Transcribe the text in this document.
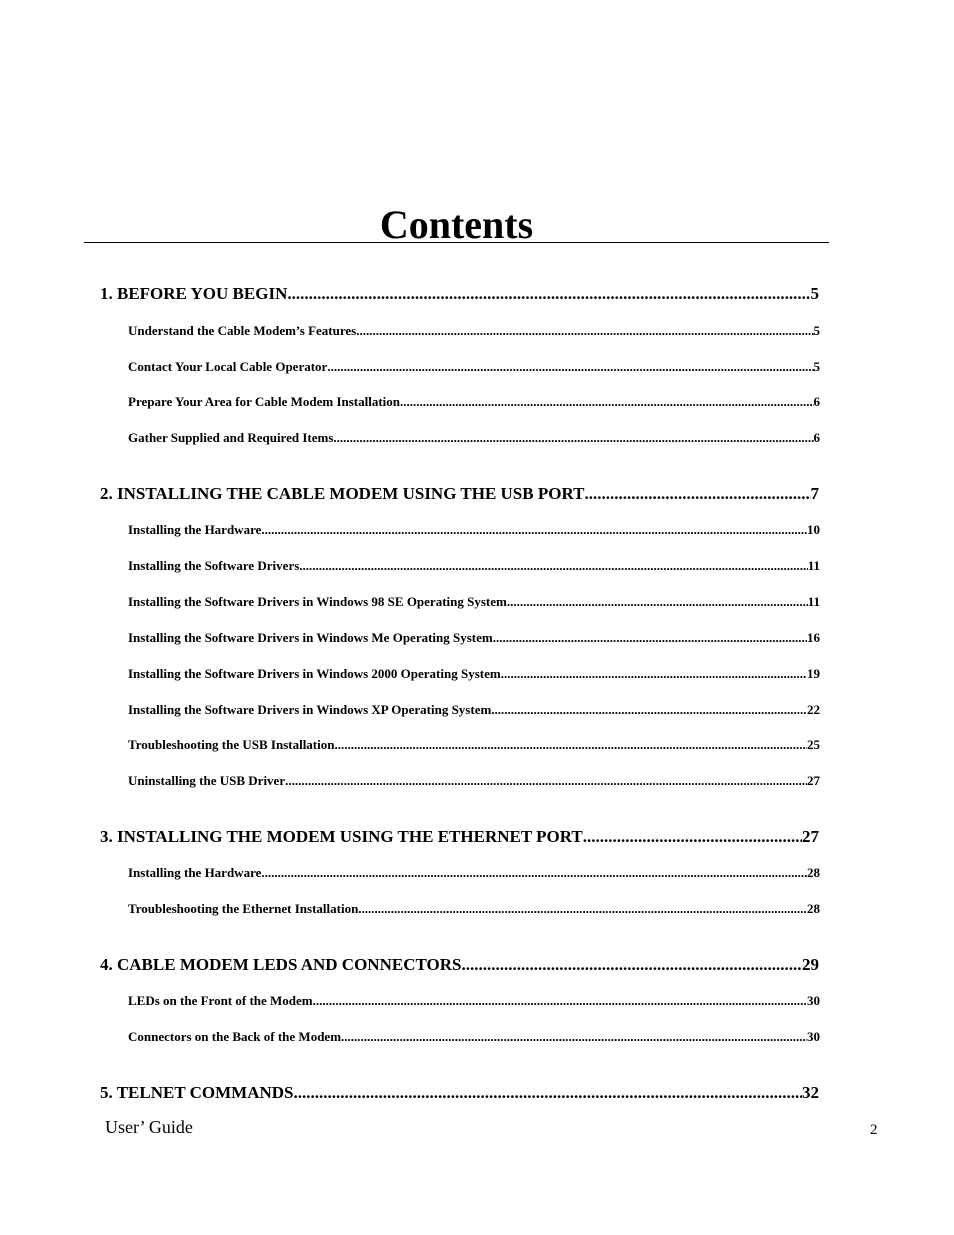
Contents
1. BEFORE YOU BEGIN .....	5
Understand the Cable Modem’s Features .....	5
Contact Your Local Cable Operator .....	5
Prepare Your Area for Cable Modem Installation .....	6
Gather Supplied and Required Items .....	6
2. INSTALLING THE CABLE MODEM USING THE USB PORT .....	7
Installing the Hardware .....	10
Installing the Software Drivers .....	11
Installing the Software Drivers in Windows 98 SE Operating System .....	11
Installing the Software Drivers in Windows Me Operating System .....	16
Installing the Software Drivers in Windows 2000 Operating System .....	19
Installing the Software Drivers in Windows XP Operating System .....	22
Troubleshooting the USB Installation .....	25
Uninstalling the USB Driver .....	27
3. INSTALLING THE MODEM USING THE ETHERNET PORT .....	27
Installing the Hardware .....	28
Troubleshooting the Ethernet Installation .....	28
4. CABLE MODEM LEDS AND CONNECTORS .....	29
LEDs on the Front of the Modem .....	30
Connectors on the Back of the Modem .....	30
5. TELNET COMMANDS .....	32
User’ Guide	2
